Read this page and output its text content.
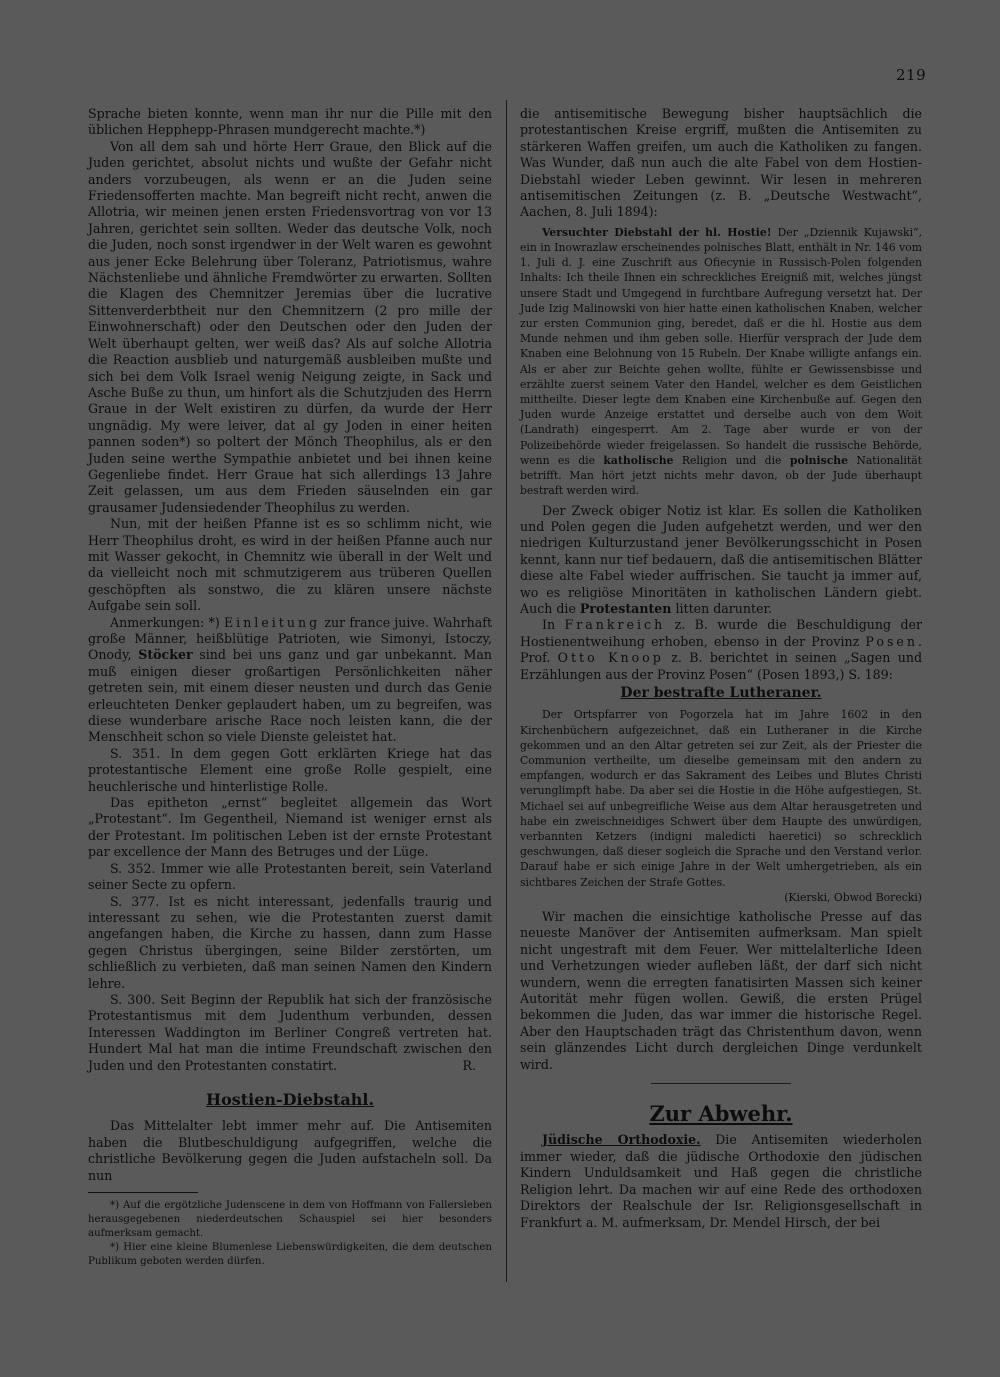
219

Sprache bieten konnte, wenn man ihr nur die Pille mit den üblichen Hepphepp-Phrasen mundgerecht machte.*)

Von all dem sah und hörte Herr Graue, den Blick auf die Juden gerichtet, absolut nichts und wußte der Gefahr nicht anders vorzubeugen, als wenn er an die Juden seine Friedensofferten machte. Man begreift nicht recht, anwen die Allotria, wir meinen jenen ersten Friedensvortrag von vor 13 Jahren, gerichtet sein sollten. Weder das deutsche Volk, noch die Juden, noch sonst irgendwer in der Welt waren es gewohnt aus jener Ecke Belehrung über Toleranz, Patriotismus, wahre Nächstenliebe und ähnliche Fremdwörter zu erwarten. Sollten die Klagen des Chemnitzer Jeremias über die lucrative Sittenverderbtheit nur den Chemnitzern (2 pro mille der Einwohnerschaft) oder den Deutschen oder den Juden der Welt überhaupt gelten, wer weiß das? Als auf solche Allotria die Reaction ausblieb und naturgemäß ausbleiben mußte und sich bei dem Volk Israel wenig Neigung zeigte, in Sack und Asche Buße zu thun, um hinfort als die Schutzjuden des Herrn Graue in der Welt existiren zu dürfen, da wurde der Herr ungnädig. My were leiver, dat al gy Joden in einer heiten pannen soden*) so poltert der Mönch Theophilus, als er den Juden seine werthe Sympathie anbietet und bei ihnen keine Gegenliebe findet. Herr Graue hat sich allerdings 13 Jahre Zeit gelassen, um aus dem Frieden säuselnden ein gar grausamer Judensiedender Theophilus zu werden.

Nun, mit der heißen Pfanne ist es so schlimm nicht, wie Herr Theophilus droht, es wird in der heißen Pfanne auch nur mit Wasser gekocht, in Chemnitz wie überall in der Welt und da vielleicht noch mit schmutzigerem aus trüberen Quellen geschöpften als sonstwo, die zu klären unsere nächste Aufgabe sein soll.

Anmerkungen: *) Einleitung zur france juive. Wahrhaft große Männer, heißblütige Patrioten, wie Simonyi, Istoczy, Onody, Stöcker sind bei uns ganz und gar unbekannt. Man muß einigen dieser großartigen Persönlichkeiten näher getreten sein, mit einem dieser neusten und durch das Genie erleuchteten Denker geplaudert haben, um zu begreifen, was diese wunderbare arische Race noch leisten kann, die der Menschheit schon so viele Dienste geleistet hat.

S. 351. In dem gegen Gott erklärten Kriege hat das protestantische Element eine große Rolle gespielt, eine heuchlerische und hinterlistige Rolle.

Das epitheton „ernst“ begleitet allgemein das Wort „Protestant“. Im Gegentheil, Niemand ist weniger ernst als der Protestant. Im politischen Leben ist der ernste Protestant par excellence der Mann des Betruges und der Lüge.

S. 352. Immer wie alle Protestanten bereit, sein Vaterland seiner Secte zu opfern.

S. 377. Ist es nicht interessant, jedenfalls traurig und interessant zu sehen, wie die Protestanten zuerst damit angefangen haben, die Kirche zu hassen, dann zum Hasse gegen Christus übergingen, seine Bilder zerstörten, um schließlich zu verbieten, daß man seinen Namen den Kindern lehre.

S. 300. Seit Beginn der Republik hat sich der französische Protestantismus mit dem Judenthum verbunden, dessen Interessen Waddington im Berliner Congreß vertreten hat. Hundert Mal hat man die intime Freundschaft zwischen den Juden und den Protestanten constatirt.	R.

Hostien-Diebstahl.

Das Mittelalter lebt immer mehr auf. Die Antisemiten haben die Blutbeschuldigung aufgegriffen, welche die christliche Bevölkerung gegen die Juden aufstacheln soll. Da nun

*) Auf die ergötzliche Judenscene in dem von Hoffmann von Fallersleben herausgegebenen niederdeutschen Schauspiel sei hier besonders aufmerksam gemacht.

*) Hier eine kleine Blumenlese Liebenswürdigkeiten, die dem deutschen Publikum geboten werden dürfen.

die antisemitische Bewegung bisher hauptsächlich die protestantischen Kreise ergriff, mußten die Antisemiten zu stärkeren Waffen greifen, um auch die Katholiken zu fangen. Was Wunder, daß nun auch die alte Fabel von dem Hostien-Diebstahl wieder Leben gewinnt. Wir lesen in mehreren antisemitischen Zeitungen (z. B. „Deutsche Westwacht“, Aachen, 8. Juli 1894):

Versuchter Diebstahl der hl. Hostie! Der „Dziennik Kujawski“, ein in Inowrazlaw erscheinendes polnisches Blatt, enthält in Nr. 146 vom 1. Juli d. J. eine Zuschrift aus Ofiecynie in Russisch-Polen folgenden Inhalts: Ich theile Ihnen ein schreckliches Ereigniß mit, welches jüngst unsere Stadt und Umgegend in furchtbare Aufregung versetzt hat. Der Jude Izig Malinowski von hier hatte einen katholischen Knaben, welcher zur ersten Communion ging, beredet, daß er die hl. Hostie aus dem Munde nehmen und ihm geben solle. Hierfür versprach der Jude dem Knaben eine Belohnung von 15 Rubeln. Der Knabe willigte anfangs ein. Als er aber zur Beichte gehen wollte, fühlte er Gewissensbisse und erzählte zuerst seinem Vater den Handel, welcher es dem Geistlichen mittheilte. Dieser legte dem Knaben eine Kirchenbuße auf. Gegen den Juden wurde Anzeige erstattet und derselbe auch von dem Woit (Landrath) eingesperrt. Am 2. Tage aber wurde er von der Polizeibehörde wieder freigelassen. So handelt die russische Behörde, wenn es die katholische Religion und die polnische Nationalität betrifft. Man hört jetzt nichts mehr davon, ob der Jude überhaupt bestraft werden wird.

Der Zweck obiger Notiz ist klar. Es sollen die Katholiken und Polen gegen die Juden aufgehetzt werden, und wer den niedrigen Kulturzustand jener Bevölkerungsschicht in Posen kennt, kann nur tief bedauern, daß die antisemitischen Blätter diese alte Fabel wieder auffrischen. Sie taucht ja immer auf, wo es religiöse Minoritäten in katholischen Ländern giebt. Auch die Protestanten litten darunter.

In Frankreich z. B. wurde die Beschuldigung der Hostienentweihung erhoben, ebenso in der Provinz Posen. Prof. Otto Knoop z. B. berichtet in seinen „Sagen und Erzählungen aus der Provinz Posen“ (Posen 1893,) S. 189:

Der bestrafte Lutheraner.

Der Ortspfarrer von Pogorzela hat im Jahre 1602 in den Kirchenbüchern aufgezeichnet, daß ein Lutheraner in die Kirche gekommen und an den Altar getreten sei zur Zeit, als der Priester die Communion vertheilte, um dieselbe gemeinsam mit den andern zu empfangen, wodurch er das Sakrament des Leibes und Blutes Christi verunglimpft habe. Da aber sei die Hostie in die Höhe aufgestiegen, St. Michael sei auf unbegreifliche Weise aus dem Altar herausgetreten und habe ein zweischneidiges Schwert über dem Haupte des unwürdigen, verbannten Ketzers (indigni maledicti haeretici) so schrecklich geschwungen, daß dieser sogleich die Sprache und den Verstand verlor. Darauf habe er sich einige Jahre in der Welt umhergetrieben, als ein sichtbares Zeichen der Strafe Gottes.

(Kierski, Obwod Borecki)

Wir machen die einsichtige katholische Presse auf das neueste Manöver der Antisemiten aufmerksam. Man spielt nicht ungestraft mit dem Feuer. Wer mittelalterliche Ideen und Verhetzungen wieder aufleben läßt, der darf sich nicht wundern, wenn die erregten fanatisirten Massen sich keiner Autorität mehr fügen wollen. Gewiß, die ersten Prügel bekommen die Juden, das war immer die historische Regel. Aber den Hauptschaden trägt das Christenthum davon, wenn sein glänzendes Licht durch dergleichen Dinge verdunkelt wird.

Zur Abwehr.

Jüdische Orthodoxie. Die Antisemiten wiederholen immer wieder, daß die jüdische Orthodoxie den jüdischen Kindern Unduldsamkeit und Haß gegen die christliche Religion lehrt. Da machen wir auf eine Rede des orthodoxen Direktors der Realschule der Isr. Religionsgesellschaft in Frankfurt a. M. aufmerksam, Dr. Mendel Hirsch, der bei
